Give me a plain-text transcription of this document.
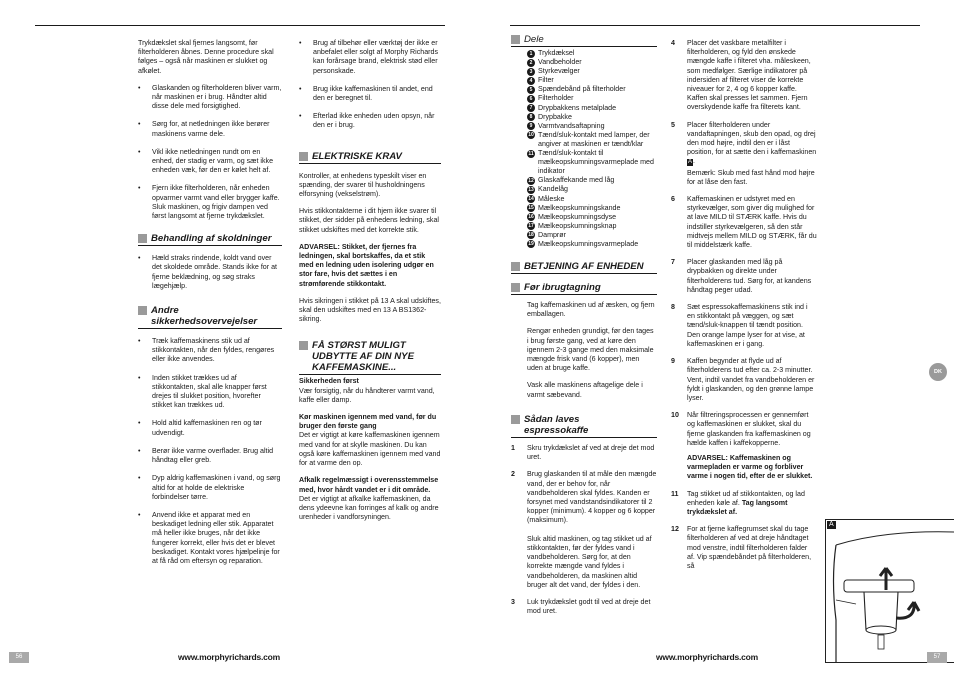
Trykdækslet skal fjernes langsomt, før filterholderen åbnes. Denne procedure skal følges – også når maskinen er slukket og afkølet.

• Glaskanden og filterholderen bliver varm, når maskinen er i brug. Håndter altid disse dele med forsigtighed.
• Sørg for, at netledningen ikke berører maskinens varme dele.
• Vikl ikke netledningen rundt om en enhed, der stadig er varm, og sæt ikke enheden væk, før den er kølet helt af.
• Fjern ikke filterholderen, når enheden opvarmer varmt vand eller brygger kaffe. Sluk maskinen, og frigiv dampen ved først langsomt at fjerne trykdækslet.
Behandling af skoldninger
• Hæld straks rindende, koldt vand over det skoldede område. Stands ikke for at fjerne beklædning, og søg straks lægehjælp.
Andre sikkerhedsovervejelser
• Træk kaffemaskinens stik ud af stikkontakten, når den fyldes, rengøres eller ikke anvendes.
• Inden stikket trækkes ud af stikkontakten, skal alle knapper først drejes til slukket position, hvorefter stikket kan trækkes ud.
• Hold altid kaffemaskinen ren og tør udvendigt.
• Berør ikke varme overflader. Brug altid håndtag eller greb.
• Dyp aldrig kaffemaskinen i vand, og sørg altid for at holde de elektriske forbindelser tørre.
• Anvend ikke et apparat med en beskadiget ledning eller stik. Apparatet må heller ikke bruges, når det ikke fungerer korrekt, eller hvis det er blevet beskadiget. Kontakt vores hjælpelinje for at få råd om eftersyn og reparation.
• Brug af tilbehør eller værktøj der ikke er anbefalet eller solgt af Morphy Richards kan forårsage brand, elektrisk stød eller personskade.
• Brug ikke kaffemaskinen til andet, end den er beregnet til.
• Efterlad ikke enheden uden opsyn, når den er i brug.
ELEKTRISKE KRAV

Kontroller, at enhedens typeskilt viser en spænding, der svarer til husholdningens elforsyning (vekselstrøm).

Hvis stikkontakterne i dit hjem ikke svarer til stikket, der sidder på enhedens ledning, skal stikket udskiftes med det korrekte stik.

ADVARSEL: Stikket, der fjernes fra ledningen, skal bortskaffes, da et stik med en ledning uden isolering udgør en stor fare, hvis det sættes i en strømførende stikkontakt.

Hvis sikringen i stikket på 13 A skal udskiftes, skal den udskiftes med en 13 A BS1362-sikring.

FÅ STØRST MULIGT UDBYTTE AF DIN NYE KAFFEMASKINE...
Sikkerheden først

Vær forsigtig, når du håndterer varmt vand, kaffe eller damp.

Kør maskinen igennem med vand, før du bruger den første gang

Det er vigtigt at køre kaffemaskinen igennem med vand for at skylle maskinen. Du kan også køre kaffemaskinen igennem med vand for at varme den op.

Afkalk regelmæssigt i overensstemmelse med, hvor hårdt vandet er i dit område.

Det er vigtigt at afkalke kaffemaskinen, da dens ydeevne kan forringes af kalk og andre urenheder i vandforsyningen.

Dele
1 Trykdæksel
2 Vandbeholder
3 Styrkevælger
4 Filter
5 Spændebånd på filterholder
6 Filterholder
7 Drypbakkens metalplade
8 Drypbakke
9 Varmtvandsaftapning
10 Tænd/sluk-kontakt med lamper, der angiver at maskinen er tændt/klar
11 Tænd/sluk-kontakt til mælkeopskumningsvarmeplade med indikator
12 Glaskaffekande med låg
13 Kandelåg
14 Måleske
15 Mælkeopskumningskande
16 Mælkeopskumningsdyse
17 Mælkeopskumningsknap
18 Damprør
19 Mælkeopskumningsvarmeplade
BETJENING AF ENHEDEN
Før ibrugtagning

Tag kaffemaskinen ud af æsken, og fjern emballagen.

Rengør enheden grundigt, før den tages i brug første gang, ved at køre den igennem 2-3 gange med den maksimale mængde frisk vand (6 kopper), men uden at bruge kaffe.

Vask alle maskinens aftagelige dele i varmt sæbevand.

Sådan laves espressokaffe
1	Skru trykdækslet af ved at dreje det mod uret.
2	Brug glaskanden til at måle den mængde vand, der er behov for, når vandbeholderen skal fyldes. Kanden er forsynet med vandstandsindikatorer til 2 kopper (minimum). 4 kopper og 6 kopper (maksimum).

Sluk altid maskinen, og tag stikket ud af stikkontakten, før der fyldes vand i vandbeholderen. Sørg for, at den korrekte mængde vand fyldes i vandbeholderen, da maskinen altid bruger alt det vand, der fyldes i den.
3	Luk trykdækslet godt til ved at dreje det mod uret.
4	Placer det vaskbare metalfilter i filterholderen, og fyld den ønskede mængde kaffe i filteret vha. måleskeen, som medfølger. Særlige indikatorer på indersiden af filteret viser de korrekte niveauer for 2, 4 og 6 kopper kaffe. Kaffen skal presses let sammen. Fjern overskydende kaffe fra filterets kant.
5	Placer filterholderen under vandaftapningen, skub den opad, og drej den mod højre, indtil den er i låst position, for at sætte den i kaffemaskinen A.
Bemærk: Skub med fast hånd mod højre for at låse den fast.
6	Kaffemaskinen er udstyret med en styrkevælger, som giver dig mulighed for at lave MILD til STÆRK kaffe. Hvis du indstiller styrkevælgeren, så den står midtvejs mellem MILD og STÆRK, får du til middelstærk kaffe.
7	Placer glaskanden med låg på drypbakken og direkte under filterholderens tud. Sørg for, at kandens håndtag peger udad.
8	Sæt espressokaffemaskinens stik ind i en stikkontakt på væggen, og sæt tænd/sluk-knappen til tændt position. Den orange lampe lyser for at vise, at kaffemaskinen er i gang.
9	Kaffen begynder at flyde ud af filterholderens tud efter ca. 2-3 minutter. Vent, indtil vandet fra vandbeholderen er fyldt i glaskanden, og den grønne lampe lyser.
10	Når filtreringsprocessen er gennemført og kaffemaskinen er slukket, skal du fjerne glaskanden fra kaffemaskinen og hælde kaffen i kaffekopperne.
ADVARSEL: Kaffemaskinen og varmepladen er varme og forbliver varme i nogen tid, efter de er slukket.
11	Tag stikket ud af stikkontakten, og lad enheden køle af. Tag langsomt trykdækslet af.
12	For at fjerne kaffegrumset skal du tage filterholderen af ved at dreje håndtaget mod venstre, indtil filterholderen falder af. Vip spændebåndet på filterholderen, så
DK
A
56	www.morphyrichards.com	www.morphyrichards.com	57
